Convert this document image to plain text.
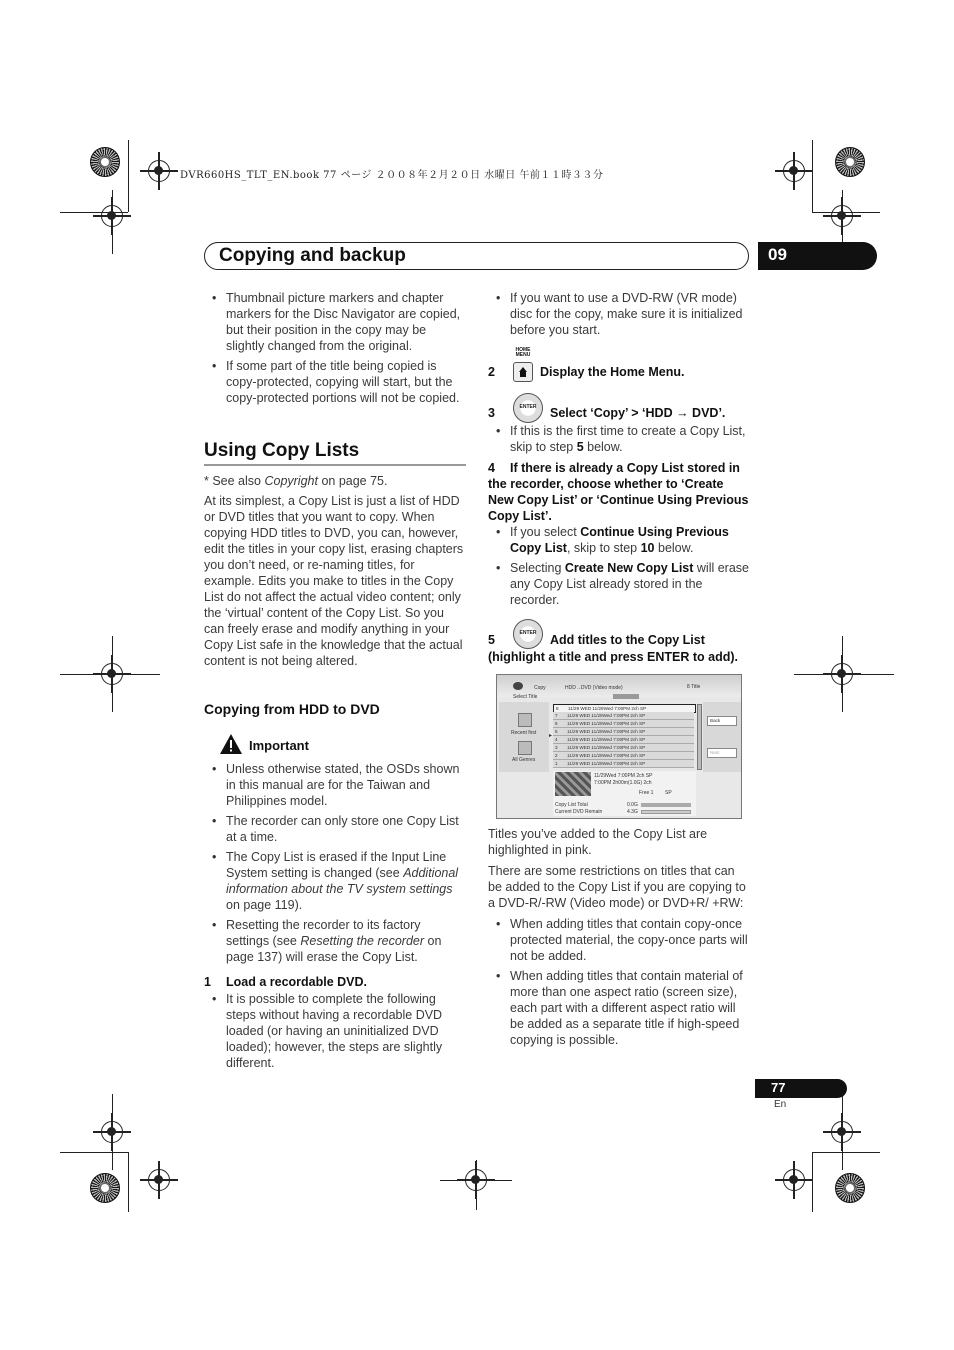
DVR660HS_TLT_EN.book 77 ページ ２００８年２月２０日 水曜日 午前１１時３３分
Copying and backup	09
• Thumbnail picture markers and chapter markers for the Disc Navigator are copied, but their position in the copy may be slightly changed from the original.
• If some part of the title being copied is copy-protected, copying will start, but the copy-protected portions will not be copied.
Using Copy Lists
* See also Copyright on page 75.
At its simplest, a Copy List is just a list of HDD or DVD titles that you want to copy. When copying HDD titles to DVD, you can, however, edit the titles in your copy list, erasing chapters you don’t need, or re-naming titles, for example. Edits you make to titles in the Copy List do not affect the actual video content; only the ‘virtual’ content of the Copy List. So you can freely erase and modify anything in your Copy List safe in the knowledge that the actual content is not being altered.
Copying from HDD to DVD
Important
• Unless otherwise stated, the OSDs shown in this manual are for the Taiwan and Philippines model.
• The recorder can only store one Copy List at a time.
• The Copy List is erased if the Input Line System setting is changed (see Additional information about the TV system settings on page 119).
• Resetting the recorder to its factory settings (see Resetting the recorder on page 137) will erase the Copy List.
1 Load a recordable DVD.
• It is possible to complete the following steps without having a recordable DVD loaded (or having an uninitialized DVD loaded); however, the steps are slightly different.
• If you want to use a DVD-RW (VR mode) disc for the copy, make sure it is initialized before you start.
HOME MENU
2	Display the Home Menu.
ENTER
3	Select ‘Copy’ > ‘HDD → DVD’.
• If this is the first time to create a Copy List, skip to step 5 below.
4 If there is already a Copy List stored in the recorder, choose whether to ‘Create New Copy List’ or ‘Continue Using Previous Copy List’.
• If you select Continue Using Previous Copy List, skip to step 10 below.
• Selecting Create New Copy List will erase any Copy List already stored in the recorder.
ENTER
5	Add titles to the Copy List
(highlight a title and press ENTER to add).
Copy	HDD→DVD (Video mode)	8 Title
Select Title
Recent first
All Genres
▸
8 11/29 WED 11/29Wed 7:00PM 2ch SP
7 11/29 WED 11/29Wed 7:00PM 2ch SP
6 11/29 WED 11/29Wed 7:00PM 2ch SP
5 11/29 WED 11/29Wed 7:00PM 2ch SP
4 11/29 WED 11/29Wed 7:00PM 2ch SP
3 11/29 WED 11/29Wed 7:00PM 2ch SP
2 11/29 WED 11/29Wed 7:00PM 2ch SP
1 11/29 WED 11/29Wed 7:00PM 2ch SP
Back
Next
11/29Wed 7:00PM 2ch SP
7:00PM 2h00m(1.0G) 2ch
Free 1 SP
Copy List Total	0.0G
Current DVD Remain	4.3G
Titles you’ve added to the Copy List are highlighted in pink.
There are some restrictions on titles that can be added to the Copy List if you are copying to a DVD-R/-RW (Video mode) or DVD+R/ +RW:
• When adding titles that contain copy-once protected material, the copy-once parts will not be added.
• When adding titles that contain material of more than one aspect ratio (screen size), each part with a different aspect ratio will be added as a separate title if high-speed copying is possible.
77
En
